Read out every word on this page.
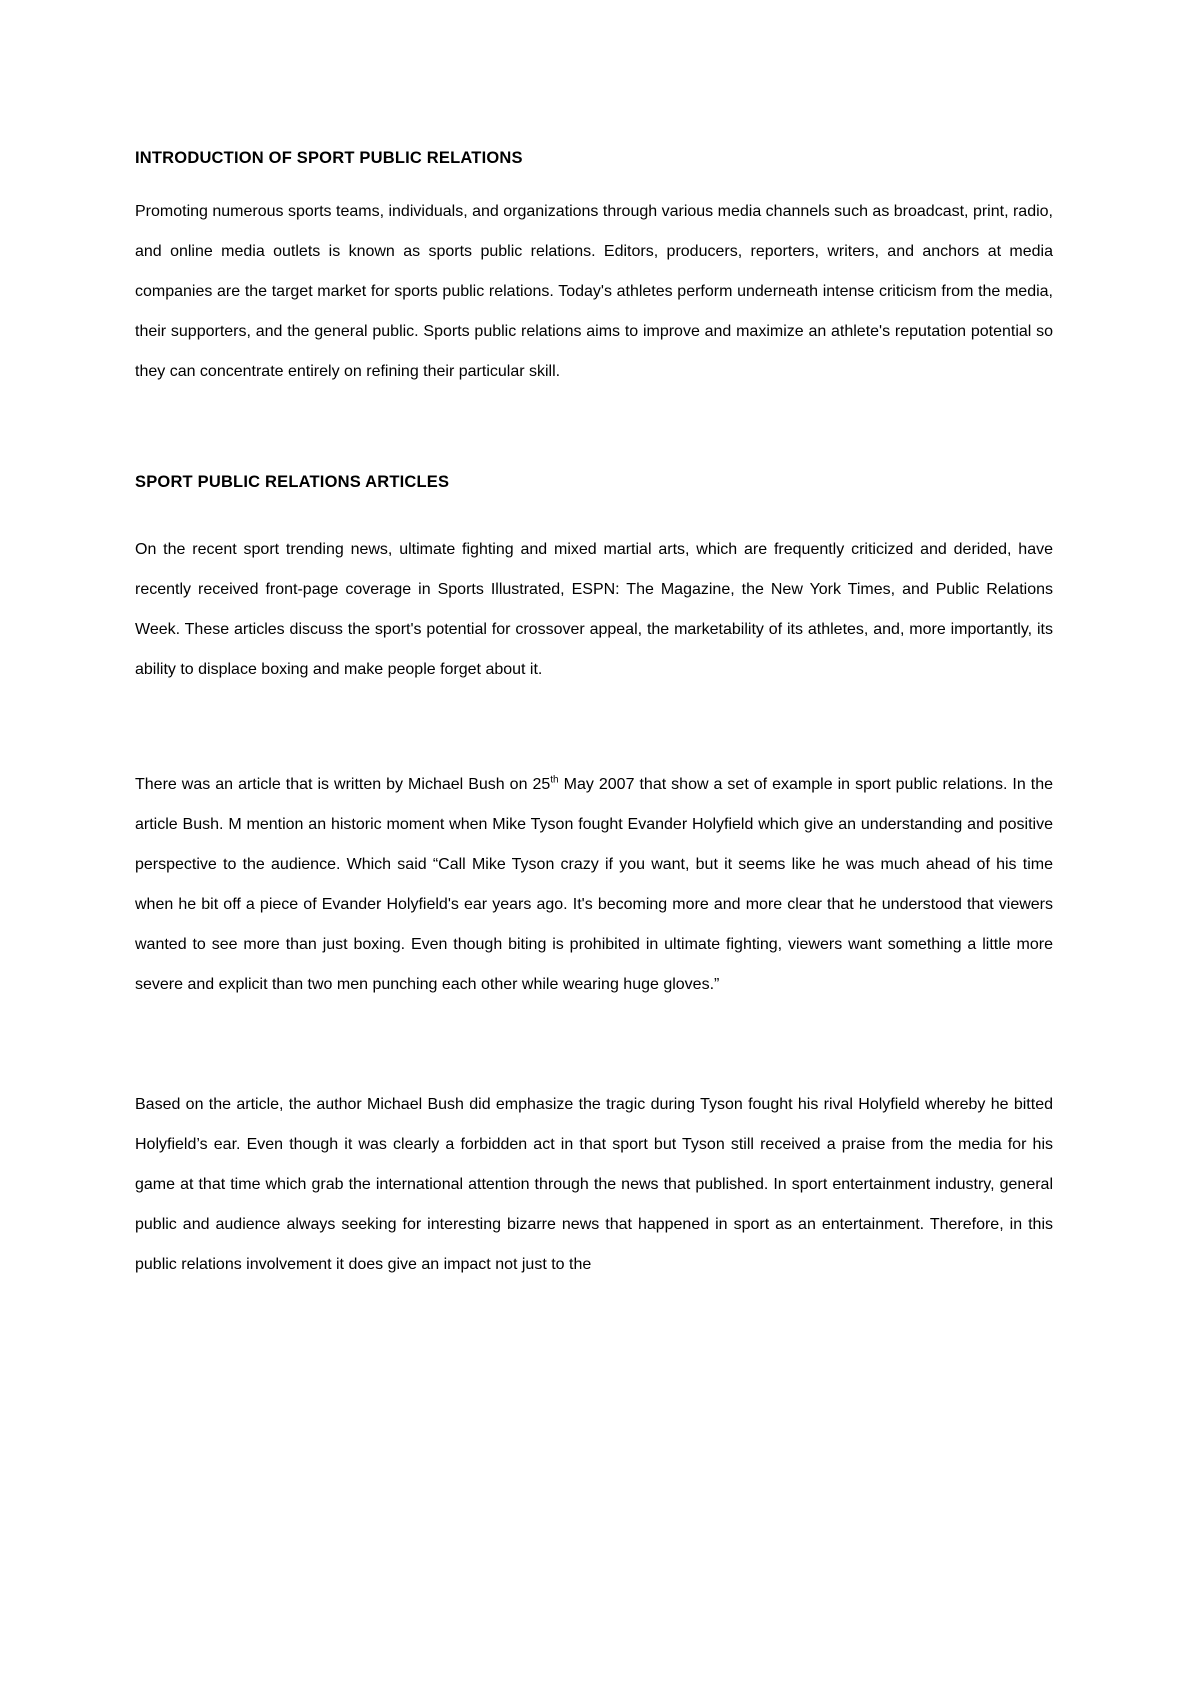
INTRODUCTION OF SPORT PUBLIC RELATIONS

Promoting numerous sports teams, individuals, and organizations through various media channels such as broadcast, print, radio, and online media outlets is known as sports public relations. Editors, producers, reporters, writers, and anchors at media companies are the target market for sports public relations. Today's athletes perform underneath intense criticism from the media, their supporters, and the general public. Sports public relations aims to improve and maximize an athlete's reputation potential so they can concentrate entirely on refining their particular skill.

SPORT PUBLIC RELATIONS ARTICLES

On the recent sport trending news, ultimate fighting and mixed martial arts, which are frequently criticized and derided, have recently received front-page coverage in Sports Illustrated, ESPN: The Magazine, the New York Times, and Public Relations Week. These articles discuss the sport's potential for crossover appeal, the marketability of its athletes, and, more importantly, its ability to displace boxing and make people forget about it.

There was an article that is written by Michael Bush on 25th May 2007 that show a set of example in sport public relations. In the article Bush. M mention an historic moment when Mike Tyson fought Evander Holyfield which give an understanding and positive perspective to the audience. Which said “Call Mike Tyson crazy if you want, but it seems like he was much ahead of his time when he bit off a piece of Evander Holyfield's ear years ago. It's becoming more and more clear that he understood that viewers wanted to see more than just boxing. Even though biting is prohibited in ultimate fighting, viewers want something a little more severe and explicit than two men punching each other while wearing huge gloves.”

Based on the article, the author Michael Bush did emphasize the tragic during Tyson fought his rival Holyfield whereby he bitted Holyfield’s ear. Even though it was clearly a forbidden act in that sport but Tyson still received a praise from the media for his game at that time which grab the international attention through the news that published. In sport entertainment industry, general public and audience always seeking for interesting bizarre news that happened in sport as an entertainment. Therefore, in this public relations involvement it does give an impact not just to the
